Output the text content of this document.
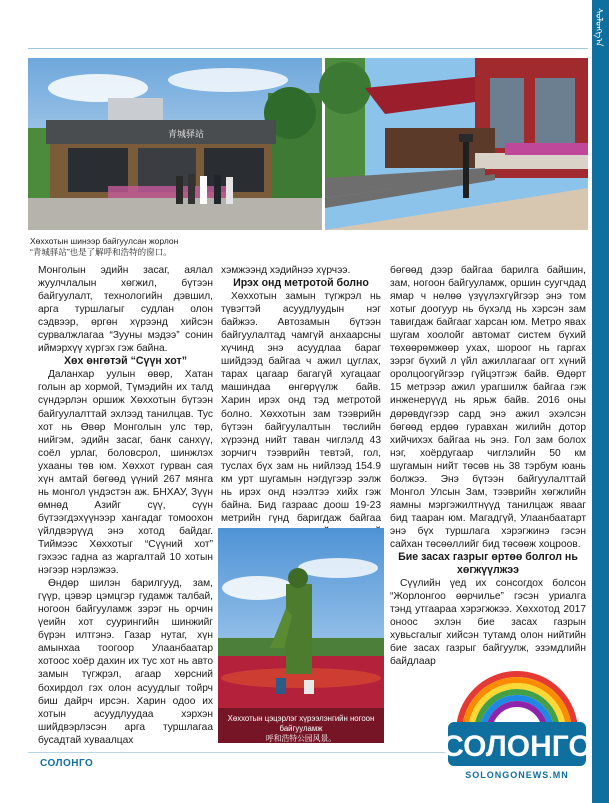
ᠰᠣᠯᠣᠩᠭ᠎ᠠ
青城驿站
Хөххотын шинээр байгуулсан жорлон
“青城驿站”也是了解呼和浩特的窗口。

Монголын эдийн засаг, аялал жуулчлалын хөгжил, бүтээн байгуулалт, технологийн дэвшил, арга туршлагыг судлан олон сэдвээр, өргөн хүрээнд хийсэн сурвалжлагаа “Зууны мэдээ” сонин иймэрхүү хүргэх гэж байна.

Хөх өнгөтэй “Сүүн хот”

Даланхар уулын өвөр, Хатан голын ар хормой, Түмэдийн их талд сүндэрлэн оршиж Хөххотын бүтээн байгуулалттай эхлээд танилцав. Тус хот нь Өвөр Монголын улс төр, нийгэм, эдийн засаг, банк санхүү, соёл урлаг, боловсрол, шинжлэх ухааны төв юм. Хөххот гурван сая хүн амтай бөгөөд үүний 267 мянга нь монгол үндэстэн аж. БНХАУ, Зүүн өмнөд Азийг сүү, сүүн бүтээгдэхүүнээр хангадаг томоохон үйлдвэрүүд энэ хотод байдаг. Тиймээс Хөххотыг “Сүүний хот” гэхээс гадна аз жаргалтай 10 хотын нэгээр нэрлэжээ.

Өндөр шилэн барилгууд, зам, гүүр, цэвэр цэмцгэр гудамж талбай, ногоон байгууламж зэрэг нь орчин үеийн хот суурингийн шинжийг бүрэн илтгэнэ. Газар нутаг, хүн амынхаа тоогоор Улаанбаатар хотоос хоёр дахин их тус хот нь авто замын түгжрэл, агаар хөрсний бохирдол гэх олон асуудлыг тойрч биш дайрч ирсэн. Харин одоо их хотын асуудлуудаа хэрхэн шийдвэрлэсэн арга туршлагаа бусадтай хуваалцах

хэмжээнд хэдийнээ хүрчээ.

Ирэх онд метротой болно

Хөххотын замын түгжрэл нь түвэгтэй асуудлуудын нэг байжээ. Автозамын бүтээн байгуулалтад чамгүй анхаарсны хүчинд энэ асуудлаа бараг шийдээд байгаа ч ажил цуглах, тарах цагаар багагүй хугацааг машиндаа өнгөрүүлж байв. Харин ирэх онд тэд метротой болно. Хөххотын зам тээврийн бүтээн байгуулалтын төслийн хүрээнд нийт таван чиглэлд 43 зорчигч тээврийн тевтэй, гол, туслах бүх зам нь нийлээд 154.9 км урт шугамын нэгдүгээр ээлж нь ирэх онд нээлтээ хийх гэж байна. Бид газраас доош 19-23 метрийн гүнд баригдаж байгаа

Хөххотын цэцэрлэг хүрээлэнгийн ногоон байгууламж
呼和浩特公园风景。

бөгөөд дээр байгаа барилга байшин, зам, ногоон байгууламж, оршин суугчдад ямар ч нөлөө үзүүлэхгүйгээр энэ том хотыг доогуур нь бүхэлд нь хэрсэн зам тавигдаж байгааг харсан юм. Метро явах шугам хоолойг автомат систем бүхий төхөөрөмжөөр ухах, шороог нь гаргах зэрэг бүхий л үйл ажиллагааг огт хүний оролцоогүйгээр гүйцэтгэж байв. Өдөрт 15 метрээр ажил урагшилж байгаа гэж инженерүүд нь ярьж байв. 2016 оны дөрөвдүгээр сард энэ ажил эхэлсэн бөгөөд ердөө гуравхан жилийн дотор хийчихэх байгаа нь энэ. Гол зам болох нэг, хоёрдугаар чиглэлийн 50 км шугамын нийт төсөв нь 38 тэрбум юань болжээ. Энэ бүтээн байгуулалттай Монгол Улсын Зам, тээврийн хөгжлийн яамны мэргэжилтнүүд танилцаж явааг бид тааран юм. Магадгүй, Улаанбаатарт энэ бүх туршлага хэрэгжинэ гэсэн сайхан төсөөллийг бид төсөөж хоцроов.

Бие засах газрыг өртөө болгол нь хөгжүүлжээ

Сүүлийн үед их сонсогдох болсон “Жорлонгоо өөрчилье” гэсэн уриалга тэнд утгаараа хэрэгжжээ. Хөххотод 2017 оноос эхлэн бие засах газрын хувьсгалыг хийсэн тутамд олон нийтийн бие засах газрыг байгуулж, эзэмдлийн байдлаар

СОЛОНГО
СОЛОНГО
SOLONGONEWS.MN
